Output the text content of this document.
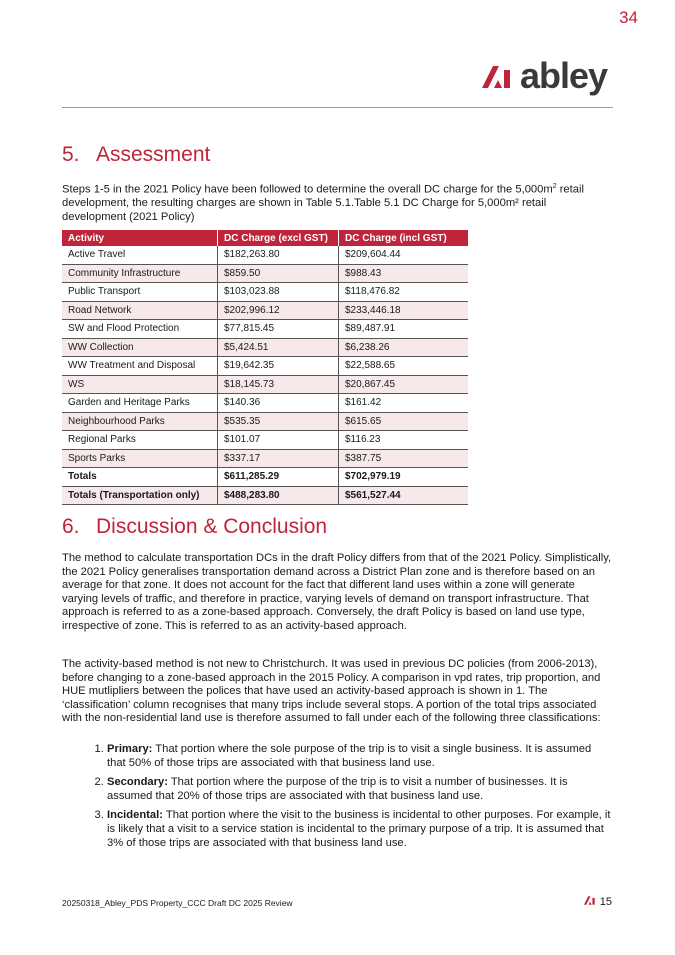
34
abley
5. Assessment

Steps 1-5 in the 2021 Policy have been followed to determine the overall DC charge for the $5,000m^2$ retail development, the resulting charges are shown in Table 5.1.Table 5.1 DC Charge for 5,000m² retail development (2021 Policy)

Activity	DC Charge (excl GST)	DC Charge (incl GST)
Active Travel	$182,263.80	$209,604.44
Community Infrastructure	$859.50	$988.43
Public Transport	$103,023.88	$118,476.82
Road Network	$202,996.12	$233,446.18
SW and Flood Protection	$77,815.45	$89,487.91
WW Collection	$5,424.51	$6,238.26
WW Treatment and Disposal	$19,642.35	$22,588.65
WS	$18,145.73	$20,867.45
Garden and Heritage Parks	$140.36	$161.42
Neighbourhood Parks	$535.35	$615.65
Regional Parks	$101.07	$116.23
Sports Parks	$337.17	$387.75
Totals	$611,285.29	$702,979.19
Totals (Transportation only)	$488,283.80	$561,527.44
6. Discussion & Conclusion

The method to calculate transportation DCs in the draft Policy differs from that of the 2021 Policy. Simplistically, the 2021 Policy generalises transportation demand across a District Plan zone and is therefore based on an average for that zone. It does not account for the fact that different land uses within a zone will generate varying levels of traffic, and therefore in practice, varying levels of demand on transport infrastructure. That approach is referred to as a zone-based approach. Conversely, the draft Policy is based on land use type, irrespective of zone. This is referred to as an activity-based approach.

The activity-based method is not new to Christchurch. It was used in previous DC policies (from 2006-2013), before changing to a zone-based approach in the 2015 Policy. A comparison in vpd rates, trip proportion, and HUE mutlipliers between the polices that have used an activity-based approach is shown in 1. The ‘classification’ column recognises that many trips include several stops. A portion of the total trips associated with the non-residential land use is therefore assumed to fall under each of the following three classifications:

1. Primary: That portion where the sole purpose of the trip is to visit a single business. It is assumed that 50% of those trips are associated with that business land use.
2. Secondary: That portion where the purpose of the trip is to visit a number of businesses. It is assumed that 20% of those trips are associated with that business land use.
3. Incidental: That portion where the visit to the business is incidental to other purposes. For example, it is likely that a visit to a service station is incidental to the primary purpose of a trip. It is assumed that 3% of those trips are associated with that business land use.
20250318_Abley_PDS Property_CCC Draft DC 2025 Review	15
